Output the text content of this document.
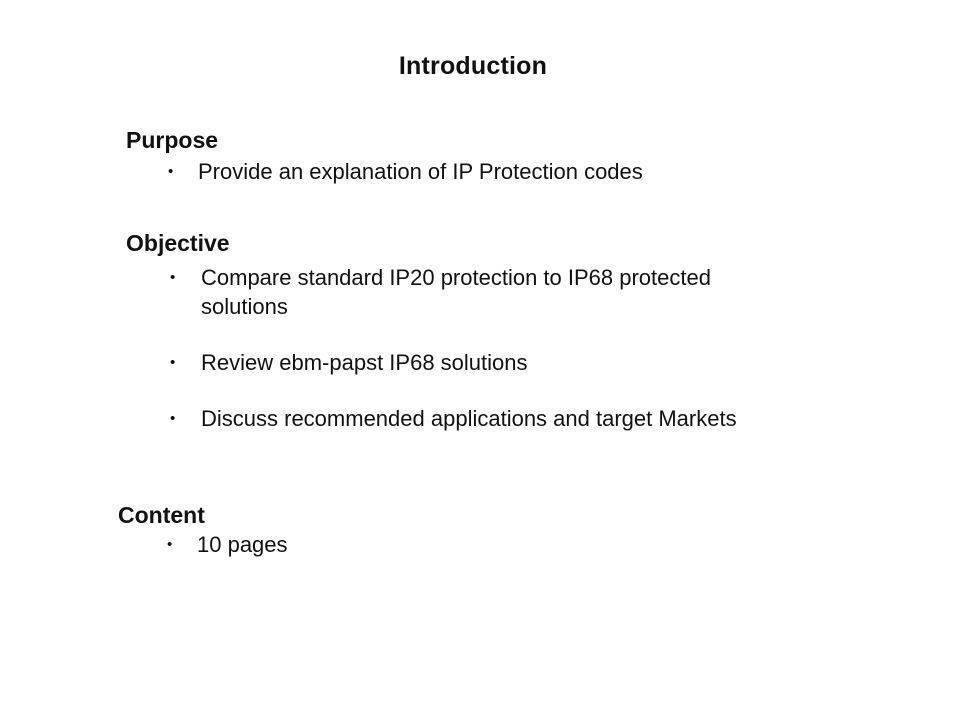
Introduction
Purpose
• Provide an explanation of IP Protection codes
Objective
• Compare standard IP20 protection to IP68 protected solutions
• Review ebm-papst IP68 solutions
• Discuss recommended applications and target Markets
Content
• 10 pages
